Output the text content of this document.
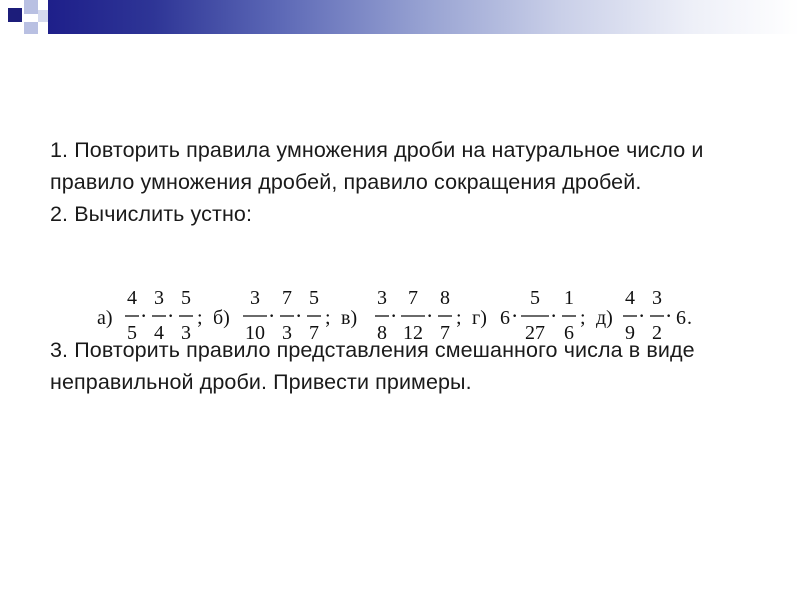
1. Повторить правила умножения дроби на натуральное число и правило умножения дробей, правило сокращения дробей.

2. Вычислить устно:

3. Повторить правило представления смешанного числа в виде неправильной дроби. Привести примеры.

а)
4
5
·
3
4
·
5
3
; б)
3
10
·
7
3
·
5
7
; в)
3
8
·
7
12
·
8
7
; г) 6 ·
5
27
·
1
6
; д)
4
9
·
3
2
· 6 .
